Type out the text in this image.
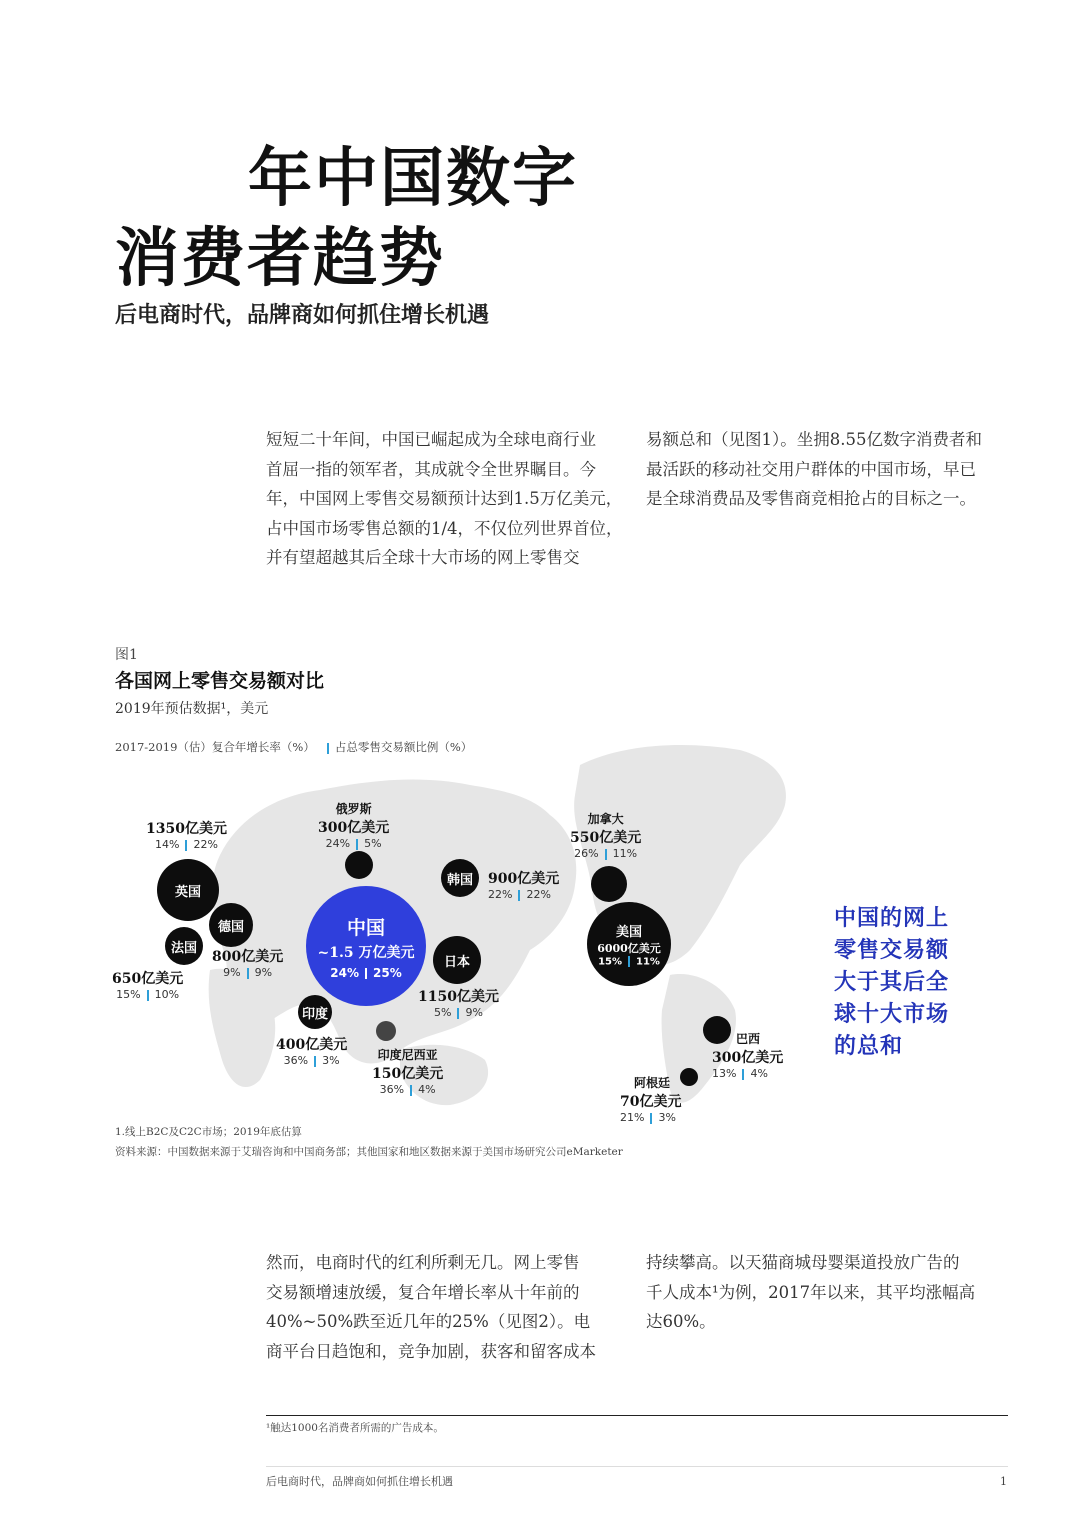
年中国数字
消费者趋势
后电商时代，品牌商如何抓住增长机遇
短短二十年间，中国已崛起成为全球电商行业
首屈一指的领军者，其成就令全世界瞩目。今
年，中国网上零售交易额预计达到1.5万亿美元，
占中国市场零售总额的1/4，不仅位列世界首位，
并有望超越其后全球十大市场的网上零售交
易额总和（见图1）。坐拥8.55亿数字消费者和
最活跃的移动社交用户群体的中国市场，早已
是全球消费品及零售商竞相抢占的目标之一。
图1
各国网上零售交易额对比
2019年预估数据¹，美元
2017-2019（估）复合年增长率（%） 占总零售交易额比例（%）
英国
德国
法国
中国
~1.5 万亿美元
24% 25%
韩国
日本
印度
美国
6000亿美元
15% 11%
1350亿美元
14% 22%
俄罗斯
300亿美元
24% 5%
900亿美元
22% 22%
800亿美元
9% 9%
650亿美元
15% 10%	1150亿美元
5% 9%
400亿美元
36% 3%	印度尼西亚
150亿美元
36% 4%
加拿大
550亿美元
26% 11%
巴西
300亿美元
13% 4%
阿根廷
70亿美元
21% 3%
中国的网上
零售交易额
大于其后全
球十大市场
的总和
1.线上B2C及C2C市场；2019年底估算
资料来源：中国数据来源于艾瑞咨询和中国商务部；其他国家和地区数据来源于美国市场研究公司eMarketer
然而，电商时代的红利所剩无几。网上零售
交易额增速放缓，复合年增长率从十年前的
40%~50%跌至近几年的25%（见图2）。电
商平台日趋饱和，竞争加剧，获客和留客成本
持续攀高。以天猫商城母婴渠道投放广告的
千人成本¹为例，2017年以来，其平均涨幅高
达60%。
¹触达1000名消费者所需的广告成本。
后电商时代，品牌商如何抓住增长机遇	1
